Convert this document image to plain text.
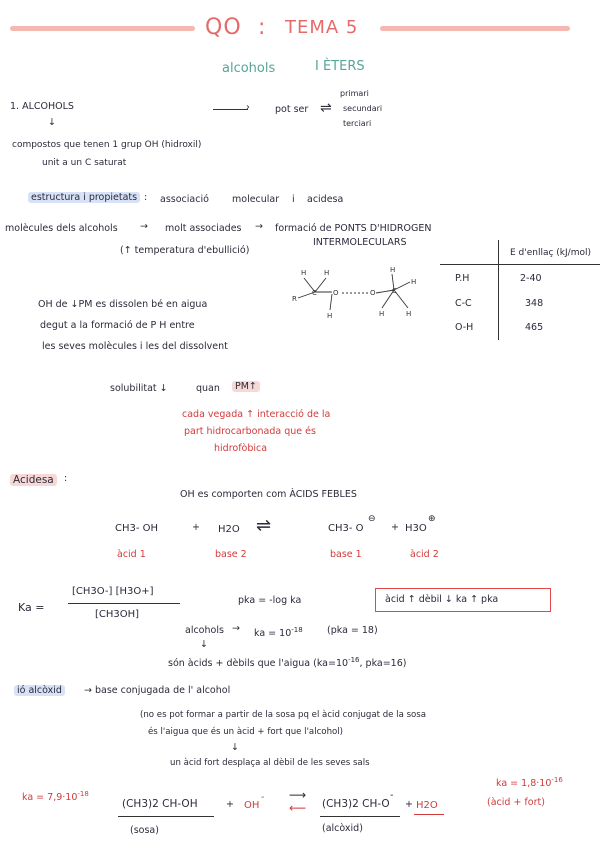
QO : TEMA 5
alcohols	I ÈTERS
1. ALCOHOLS
↓
compostos que tenen 1 grup OH (hidroxil)
unit a un C saturat
›	pot ser ⇌
primari
secundari
terciari
estructura i propietats : associació molecular i acidesa
molècules dels alcohols → molt associades → formació de PONTS D'HIDROGEN
INTERMOLECULARS
(↑ temperatura d'ebullició)
H	H
R
C O
H
O C
H	H
H
H
E d'enllaç (kJ/mol)
P.H	2-40
C-C	348
O-H	465
OH de ↓PM es dissolen bé en aigua
degut a la formació de P H entre
les seves molècules i les del dissolvent
solubilitat ↓	quan	PM↑
cada vegada ↑ interacció de la
part hidrocarbonada que és
hidrofòbica
Acidesa	:
OH es comporten com ÀCIDS FEBLES
CH3- OH	+ H2O ⇌	CH3- O
⊖
+ H3O
⊕
àcid 1	base 2	base 1	àcid 2
Ka =
[CH3O-] [H3O+]
[CH3OH]
pka = -log ka	àcid ↑ dèbil ↓ ka ↑ pka
alcohols → ka = $10^{-18}$	(pka = 18)
↓
són àcids + dèbils que l'aigua ($ka=10^{-16}$, pka=16)
ió alcòxid	→ base conjugada de l' alcohol
(no es pot formar a partir de la sosa pq el àcid conjugat de la sosa
és l'aigua que és un àcid + fort que l'alcohol)
↓
un àcid fort desplaça al dèbil de les seves sals
ka = $7,9\cdot 10^{-18}$
ka = $1,8\cdot 10^{-16}$
(àcid + fort)
(CH3)2 CH-OH	+ OH
- ⟶
⟵ (CH3)2 CH-O
-
+ H2O
(sosa)	(alcòxid)
